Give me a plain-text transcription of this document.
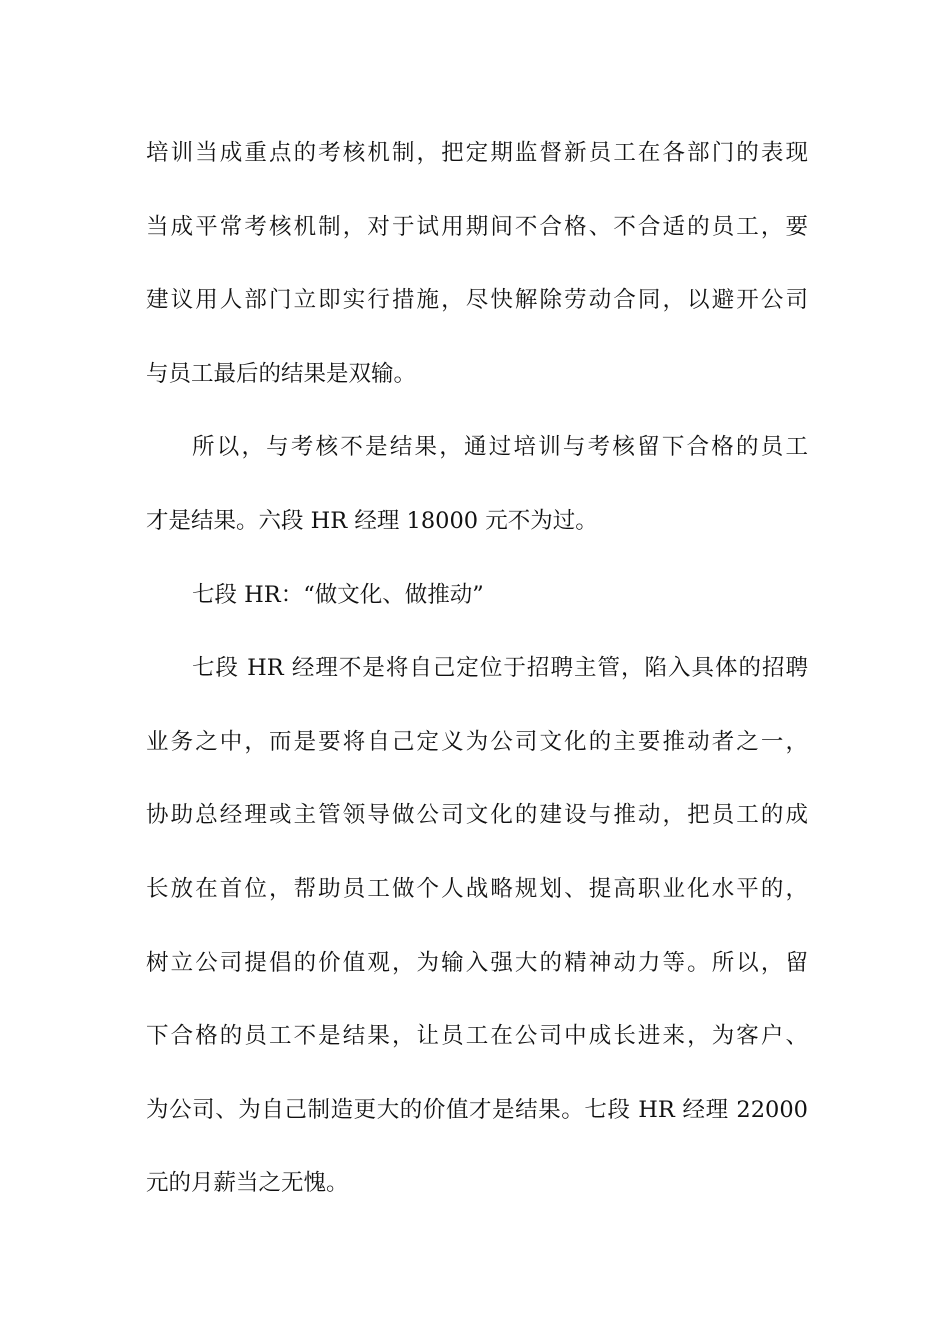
培训当成重点的考核机制，把定期监督新员工在各部门的表现
当成平常考核机制，对于试用期间不合格、不合适的员工，要
建议用人部门立即实行措施，尽快解除劳动合同，以避开公司
与员工最后的结果是双输。
所以，与考核不是结果，通过培训与考核留下合格的员工
才是结果。六段 HR 经理 18000 元不为过。
七段 HR：“做文化、做推动”
七段 HR 经理不是将自己定位于招聘主管，陷入具体的招聘
业务之中，而是要将自己定义为公司文化的主要推动者之一，
协助总经理或主管领导做公司文化的建设与推动，把员工的成
长放在首位，帮助员工做个人战略规划、提高职业化水平的，
树立公司提倡的价值观，为输入强大的精神动力等。所以，留
下合格的员工不是结果，让员工在公司中成长进来，为客户、
为公司、为自己制造更大的价值才是结果。七段 HR 经理 22000
元的月薪当之无愧。
